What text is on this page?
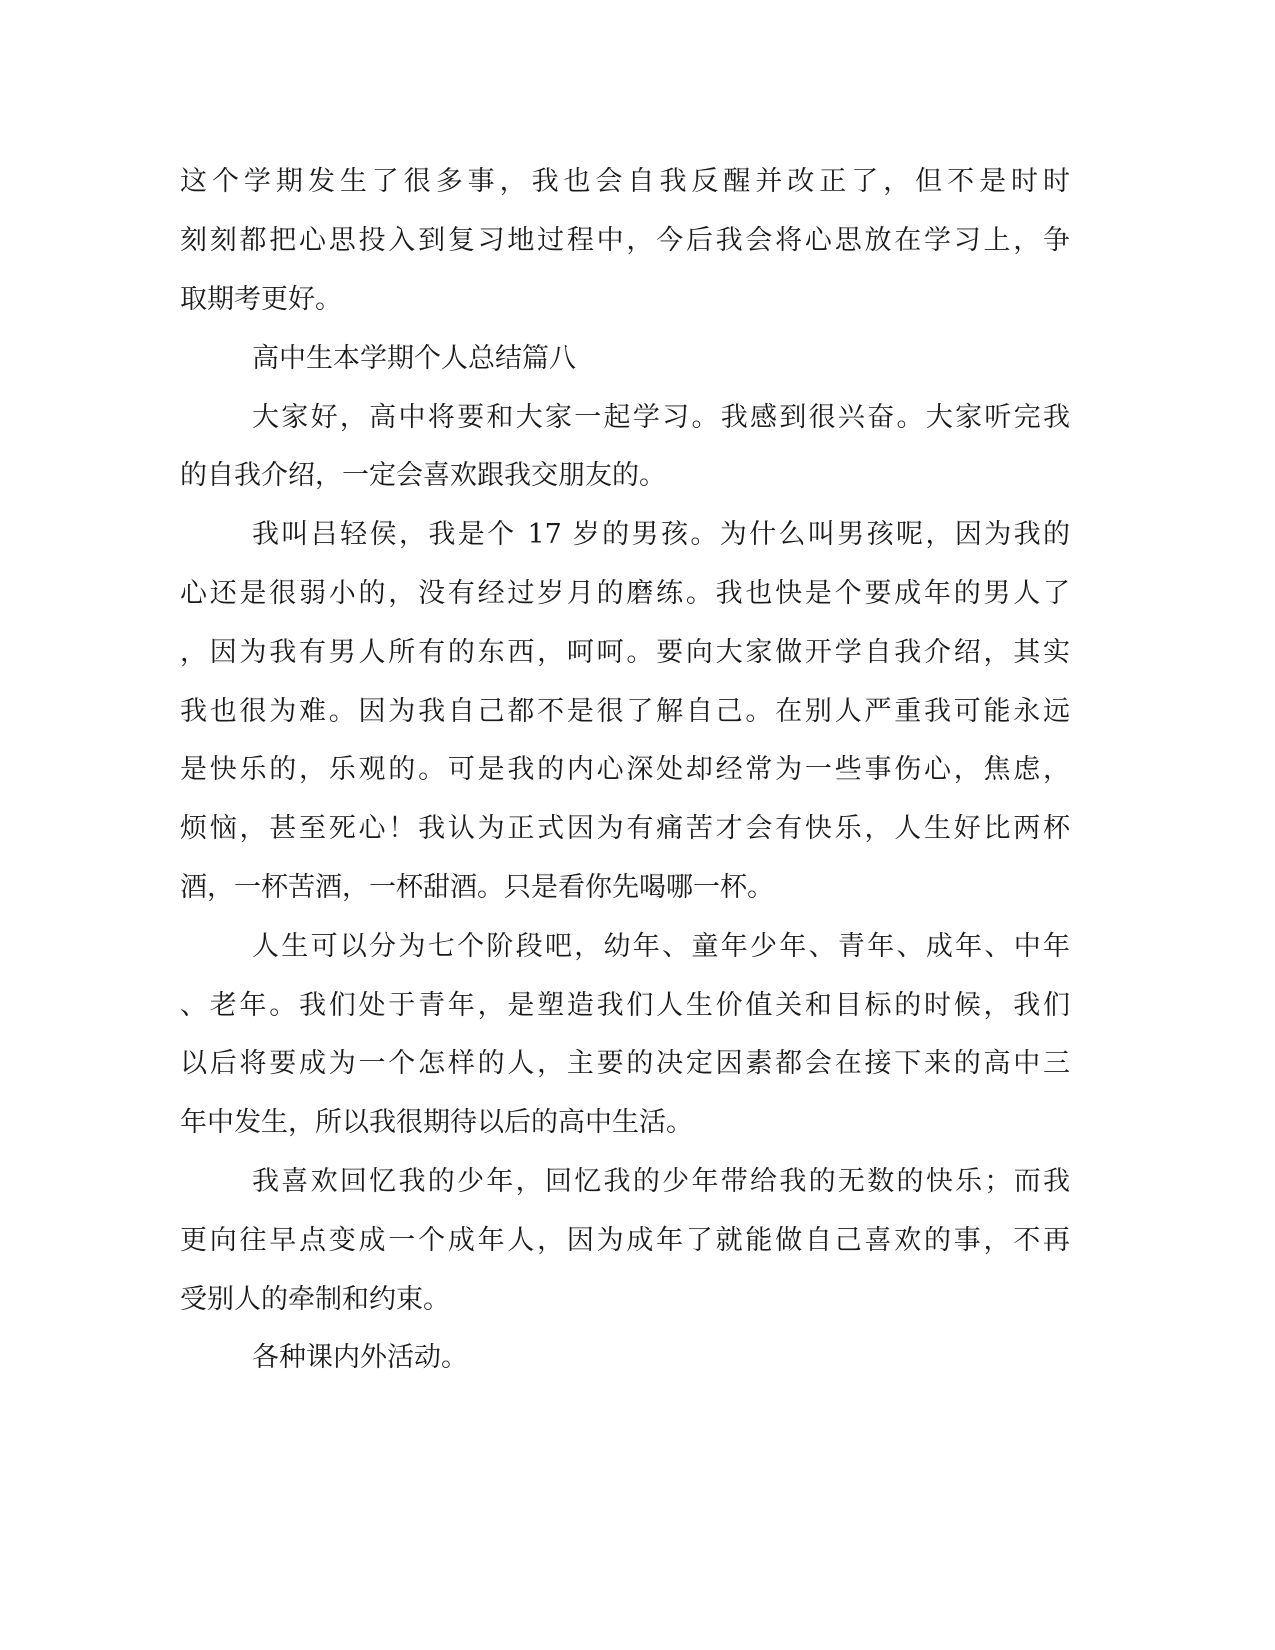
这个学期发生了很多事，我也会自我反醒并改正了，但不是时时
刻刻都把心思投入到复习地过程中，今后我会将心思放在学习上，争
取期考更好。
高中生本学期个人总结篇八
大家好，高中将要和大家一起学习。我感到很兴奋。大家听完我
的自我介绍，一定会喜欢跟我交朋友的。
我叫吕轻侯，我是个 17 岁的男孩。为什么叫男孩呢，因为我的
心还是很弱小的，没有经过岁月的磨练。我也快是个要成年的男人了
，因为我有男人所有的东西，呵呵。要向大家做开学自我介绍，其实
我也很为难。因为我自己都不是很了解自己。在别人严重我可能永远
是快乐的，乐观的。可是我的内心深处却经常为一些事伤心，焦虑，
烦恼，甚至死心！我认为正式因为有痛苦才会有快乐，人生好比两杯
酒，一杯苦酒，一杯甜酒。只是看你先喝哪一杯。
人生可以分为七个阶段吧，幼年、童年少年、青年、成年、中年
、老年。我们处于青年，是塑造我们人生价值关和目标的时候，我们
以后将要成为一个怎样的人，主要的决定因素都会在接下来的高中三
年中发生，所以我很期待以后的高中生活。
我喜欢回忆我的少年，回忆我的少年带给我的无数的快乐；而我
更向往早点变成一个成年人，因为成年了就能做自己喜欢的事，不再
受别人的牵制和约束。
各种课内外活动。
